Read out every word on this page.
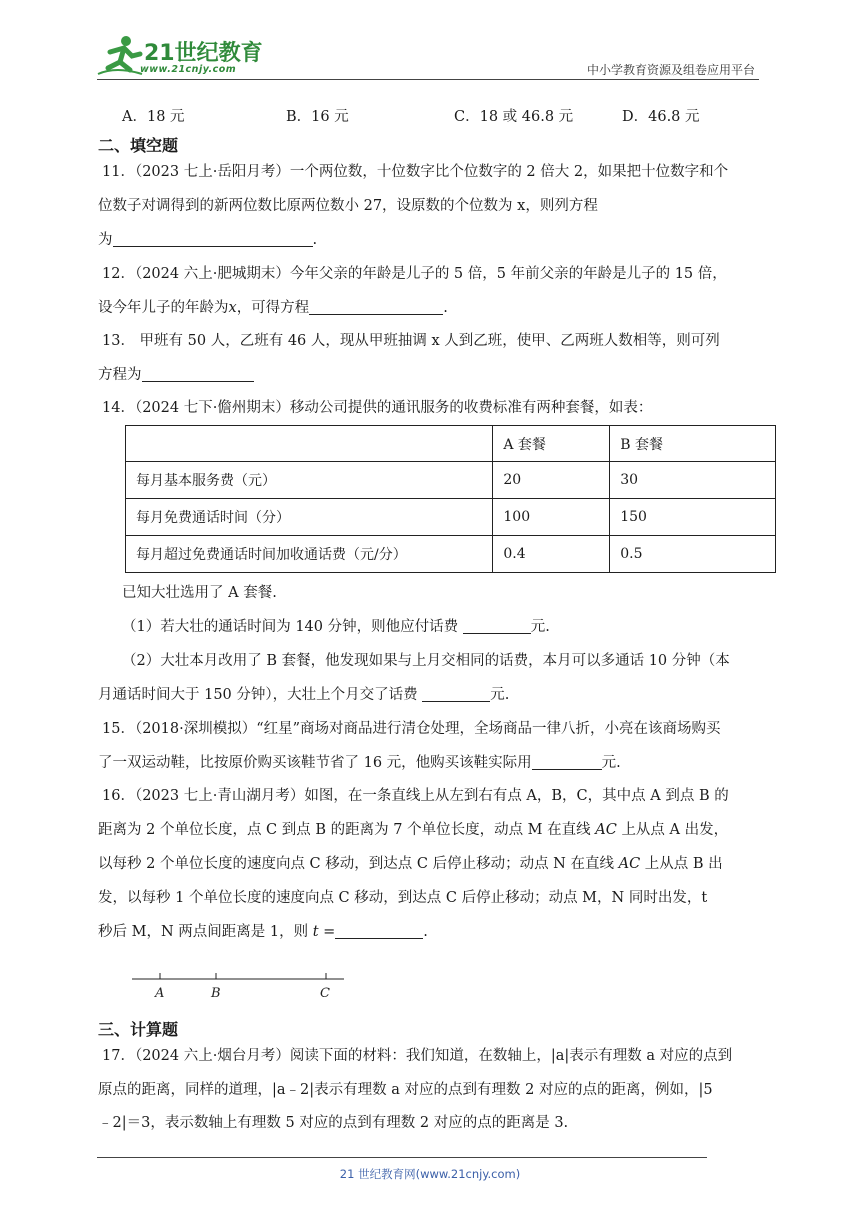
21世纪教育
www.21cnjy.com	中小学教育资源及组卷应用平台
A．18 元	B．16 元	C．18 或 46.8 元	D．46.8 元
二、填空题
11．（2023 七上·岳阳月考）一个两位数，十位数字比个位数字的 2 倍大 2，如果把十位数字和个
位数子对调得到的新两位数比原两位数小 27，设原数的个位数为 x，则列方程
为	.
12．（2024 六上·肥城期末）今年父亲的年龄是儿子的 5 倍，5 年前父亲的年龄是儿子的 15 倍，
设今年儿子的年龄为x，可得方程	.
13． 甲班有 50 人，乙班有 46 人，现从甲班抽调 x 人到乙班，使甲、乙两班人数相等，则可列
方程为
14．（2024 七下·儋州期末）移动公司提供的通讯服务的收费标准有两种套餐，如表：
	A 套餐	B 套餐
每月基本服务费（元）	20	30
每月免费通话时间（分）	100	150
每月超过免费通话时间加收通话费（元/分）	0.4	0.5
已知大壮选用了 A 套餐.
（1）若大壮的通话时间为 140 分钟，则他应付话费	元.
（2）大壮本月改用了 B 套餐，他发现如果与上月交相同的话费，本月可以多通话 10 分钟（本
月通话时间大于 150 分钟），大壮上个月交了话费	元.
15．（2018·深圳模拟）“红星”商场对商品进行清仓处理，全场商品一律八折，小亮在该商场购买
了一双运动鞋，比按原价购买该鞋节省了 16 元，他购买该鞋实际用	元.
16．（2023 七上·青山湖月考）如图，在一条直线上从左到右有点 A，B，C，其中点 A 到点 B 的
距离为 2 个单位长度，点 C 到点 B 的距离为 7 个单位长度，动点 M 在直线 AC 上从点 A 出发，
以每秒 2 个单位长度的速度向点 C 移动，到达点 C 后停止移动；动点 N 在直线 AC 上从点 B 出
发，以每秒 1 个单位长度的速度向点 C 移动，到达点 C 后停止移动；动点 M，N 同时出发，t
秒后 M，N 两点间距离是 1，则 t =	.
A	B	C
三、计算题
17．（2024 六上·烟台月考）阅读下面的材料：我们知道，在数轴上，|a|表示有理数 a 对应的点到
原点的距离，同样的道理，|a﹣2|表示有理数 a 对应的点到有理数 2 对应的点的距离，例如，|5
﹣2|＝3，表示数轴上有理数 5 对应的点到有理数 2 对应的点的距离是 3.
21 世纪教育网(www.21cnjy.com)
